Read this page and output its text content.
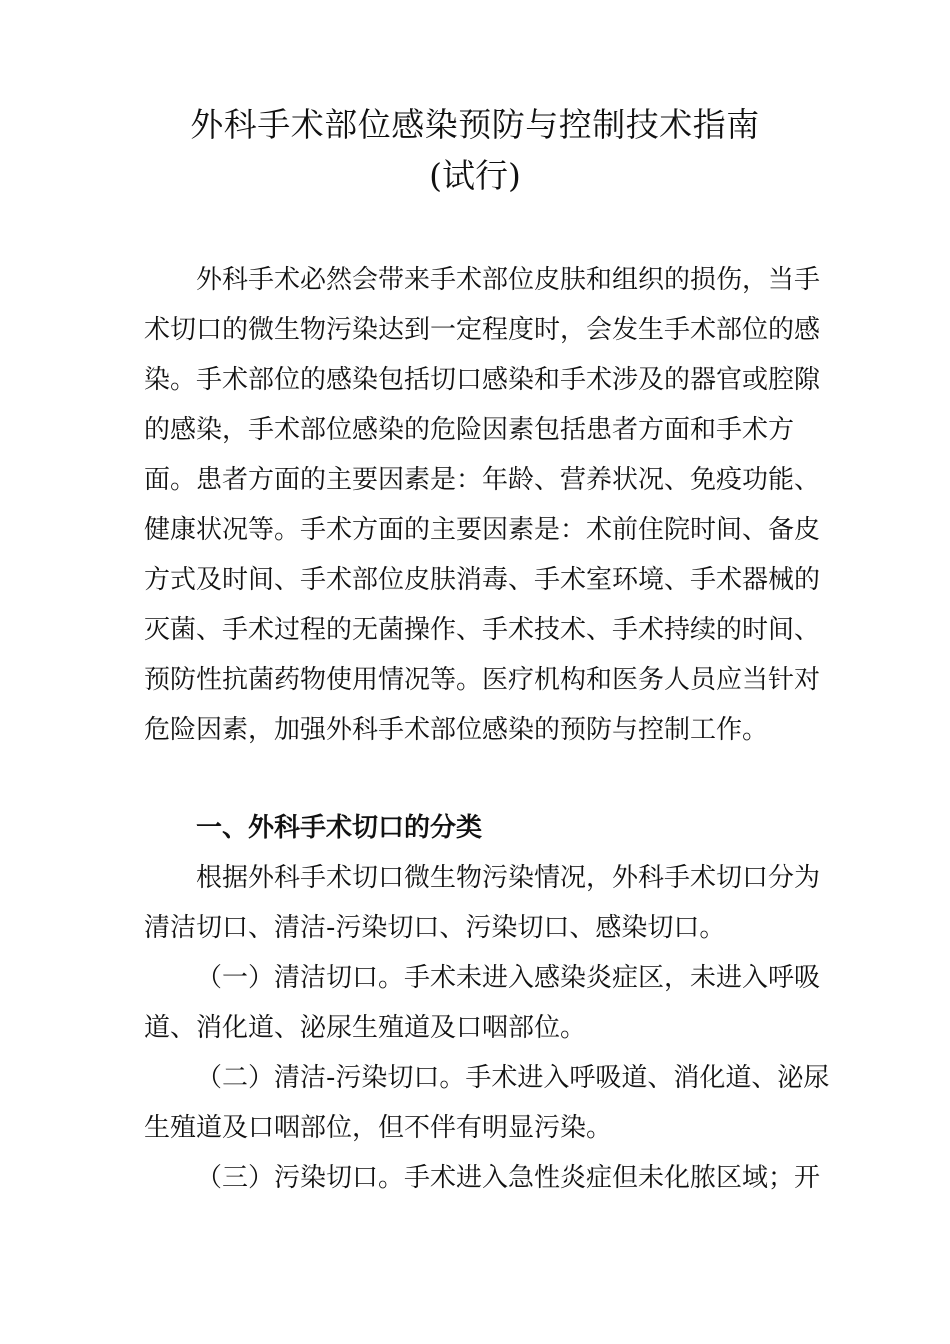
外科手术部位感染预防与控制技术指南
(试行)
外科手术必然会带来手术部位皮肤和组织的损伤，当手
术切口的微生物污染达到一定程度时，会发生手术部位的感
染。手术部位的感染包括切口感染和手术涉及的器官或腔隙
的感染，手术部位感染的危险因素包括患者方面和手术方
面。患者方面的主要因素是：年龄、营养状况、免疫功能、
健康状况等。手术方面的主要因素是：术前住院时间、备皮
方式及时间、手术部位皮肤消毒、手术室环境、手术器械的
灭菌、手术过程的无菌操作、手术技术、手术持续的时间、
预防性抗菌药物使用情况等。医疗机构和医务人员应当针对
危险因素，加强外科手术部位感染的预防与控制工作。
一、外科手术切口的分类
根据外科手术切口微生物污染情况，外科手术切口分为
清洁切口、清洁-污染切口、污染切口、感染切口。
（一）清洁切口。手术未进入感染炎症区，未进入呼吸
道、消化道、泌尿生殖道及口咽部位。
（二）清洁-污染切口。手术进入呼吸道、消化道、泌尿
生殖道及口咽部位，但不伴有明显污染。
（三）污染切口。手术进入急性炎症但未化脓区域；开
